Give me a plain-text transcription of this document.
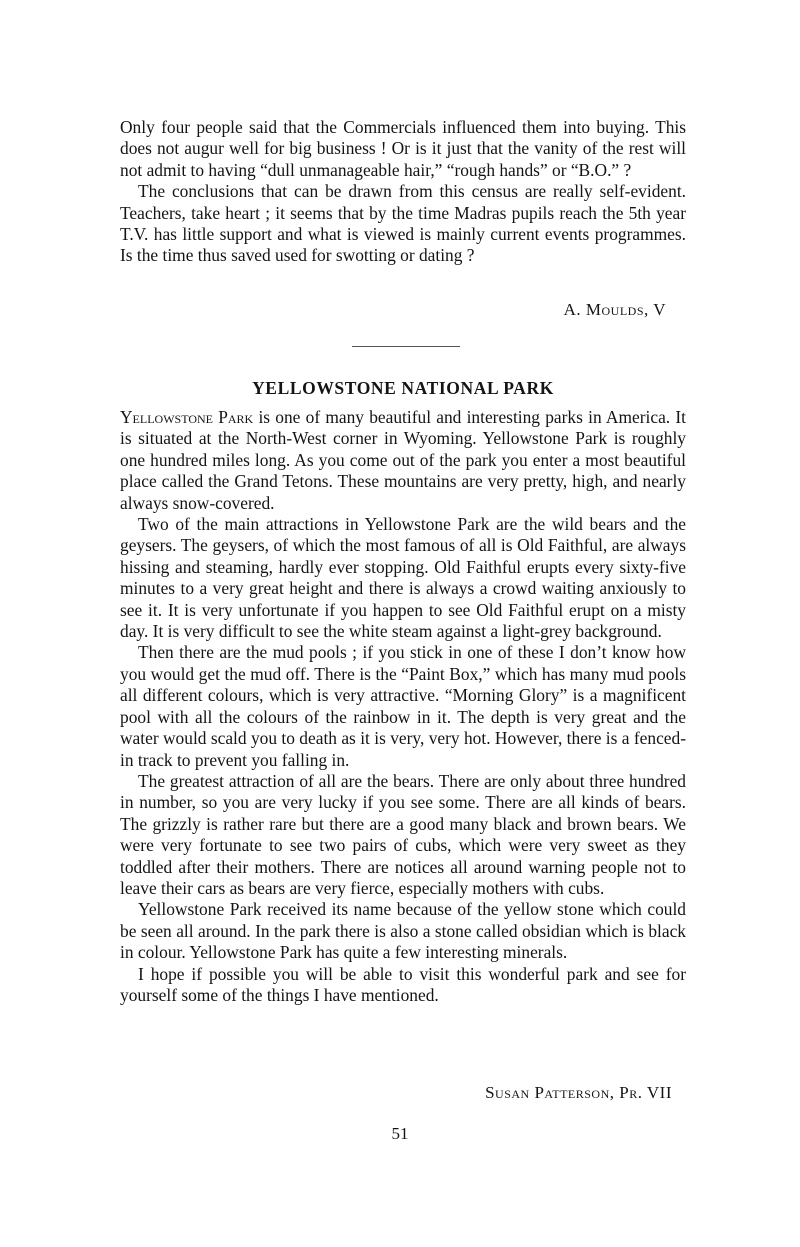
Only four people said that the Commercials influenced them into buying. This does not augur well for big business ! Or is it just that the vanity of the rest will not admit to having “dull unmanageable hair,” “rough hands” or “B.O.” ?

The conclusions that can be drawn from this census are really self-evident. Teachers, take heart ; it seems that by the time Madras pupils reach the 5th year T.V. has little support and what is viewed is mainly current events programmes. Is the time thus saved used for swotting or dating ?

A. Moulds, V

YELLOWSTONE NATIONAL PARK

Yellowstone Park is one of many beautiful and interesting parks in America. It is situated at the North-West corner in Wyoming. Yellowstone Park is roughly one hundred miles long. As you come out of the park you enter a most beautiful place called the Grand Tetons. These mountains are very pretty, high, and nearly always snow-covered.

Two of the main attractions in Yellowstone Park are the wild bears and the geysers. The geysers, of which the most famous of all is Old Faithful, are always hissing and steaming, hardly ever stopping. Old Faithful erupts every sixty-five minutes to a very great height and there is always a crowd waiting anxiously to see it. It is very unfortunate if you happen to see Old Faithful erupt on a misty day. It is very difficult to see the white steam against a light-grey background.

Then there are the mud pools ; if you stick in one of these I don’t know how you would get the mud off. There is the “Paint Box,” which has many mud pools all different colours, which is very attractive. “Morning Glory” is a magnificent pool with all the colours of the rainbow in it. The depth is very great and the water would scald you to death as it is very, very hot. However, there is a fenced-in track to prevent you falling in.

The greatest attraction of all are the bears. There are only about three hundred in number, so you are very lucky if you see some. There are all kinds of bears. The grizzly is rather rare but there are a good many black and brown bears. We were very fortunate to see two pairs of cubs, which were very sweet as they toddled after their mothers. There are notices all around warning people not to leave their cars as bears are very fierce, especially mothers with cubs.

Yellowstone Park received its name because of the yellow stone which could be seen all around. In the park there is also a stone called obsidian which is black in colour. Yellowstone Park has quite a few interesting minerals.

I hope if possible you will be able to visit this wonderful park and see for yourself some of the things I have mentioned.

Susan Patterson, Pr. VII

51
